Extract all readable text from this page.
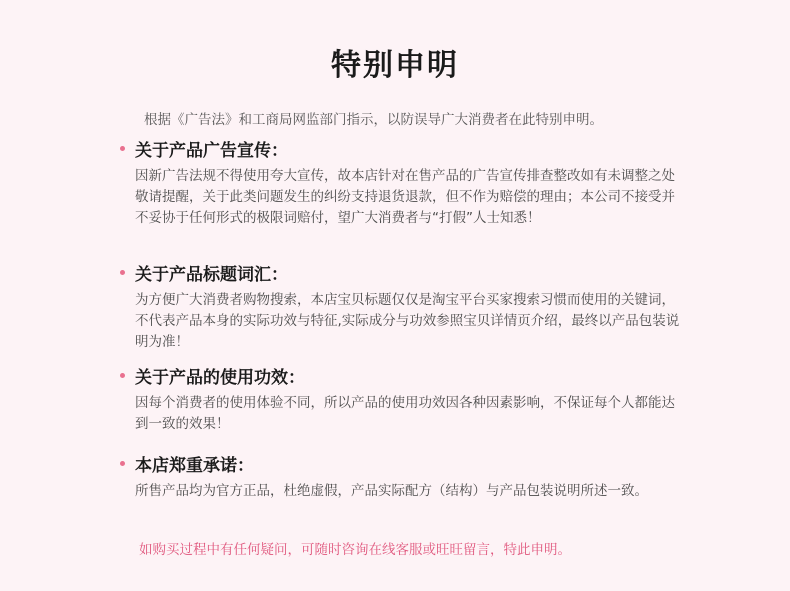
特别申明
根据《广告法》和工商局网监部门指示，以防误导广大消费者在此特别申明。
关于产品广告宣传：
因新广告法规不得使用夸大宣传，故本店针对在售产品的广告宣传排查整改如有未调整之处敬请提醒，关于此类问题发生的纠纷支持退货退款，但不作为赔偿的理由；本公司不接受并不妥协于任何形式的极限词赔付，望广大消费者与“打假”人士知悉！
关于产品标题词汇：
为方便广大消费者购物搜索，本店宝贝标题仅仅是淘宝平台买家搜索习惯而使用的关键词，不代表产品本身的实际功效与特征,实际成分与功效参照宝贝详情页介绍，最终以产品包装说明为准！
关于产品的使用功效：
因每个消费者的使用体验不同，所以产品的使用功效因各种因素影响，不保证每个人都能达到一致的效果！
本店郑重承诺：
所售产品均为官方正品，杜绝虚假，产品实际配方（结构）与产品包装说明所述一致。
如购买过程中有任何疑问，可随时咨询在线客服或旺旺留言，特此申明。
